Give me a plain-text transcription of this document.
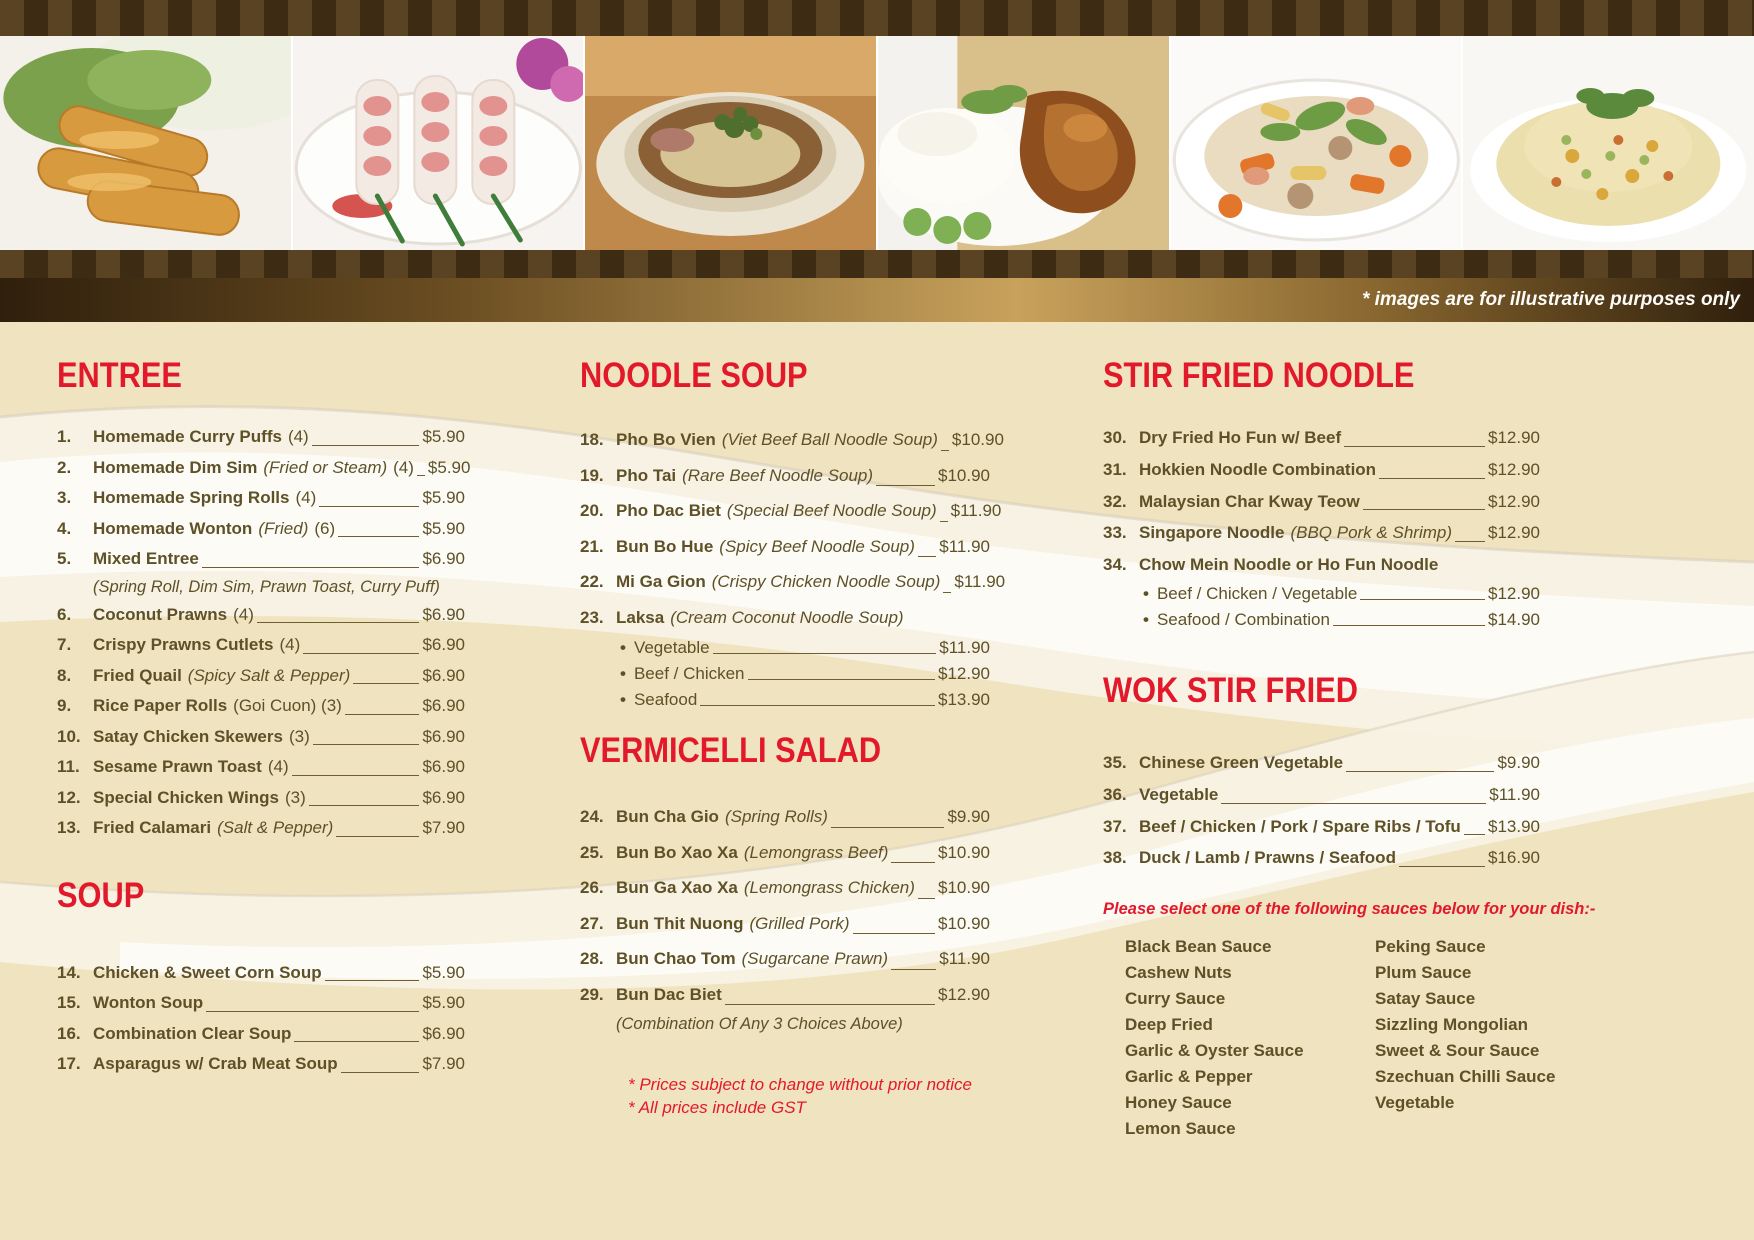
* images are for illustrative purposes only
ENTREE
1.	Homemade Curry Puffs (4)	$5.90
2.	Homemade Dim Sim (Fried or Steam) (4) $5.90
3.	Homemade Spring Rolls (4)	$5.90
4.	Homemade Wonton (Fried) (6)	$5.90
5.	Mixed Entree	$6.90
(Spring Roll, Dim Sim, Prawn Toast, Curry Puff)
6.	Coconut Prawns (4)	$6.90
7.	Crispy Prawns Cutlets (4)	$6.90
8.	Fried Quail (Spicy Salt & Pepper)	$6.90
9.	Rice Paper Rolls (Goi Cuon) (3)	$6.90
10. Satay Chicken Skewers (3)	$6.90
11. Sesame Prawn Toast (4)	$6.90
12. Special Chicken Wings (3)	$6.90
13. Fried Calamari (Salt & Pepper)	$7.90
SOUP
14. Chicken & Sweet Corn Soup	$5.90
15. Wonton Soup	$5.90
16. Combination Clear Soup	$6.90
17. Asparagus w/ Crab Meat Soup	$7.90
NOODLE SOUP
18. Pho Bo Vien (Viet Beef Ball Noodle Soup) $10.90
19. Pho Tai (Rare Beef Noodle Soup)	$10.90
20. Pho Dac Biet (Special Beef Noodle Soup) $11.90
21. Bun Bo Hue (Spicy Beef Noodle Soup) $11.90
22. Mi Ga Gion (Crispy Chicken Noodle Soup) $11.90
23. Laksa (Cream Coconut Noodle Soup)
• Vegetable	$11.90
• Beef / Chicken	$12.90
• Seafood	$13.90
VERMICELLI SALAD
24. Bun Cha Gio (Spring Rolls)	$9.90
25. Bun Bo Xao Xa (Lemongrass Beef)	$10.90
26. Bun Ga Xao Xa (Lemongrass Chicken) $10.90
27. Bun Thit Nuong (Grilled Pork)	$10.90
28. Bun Chao Tom (Sugarcane Prawn)	$11.90
29. Bun Dac Biet	$12.90
(Combination Of Any 3 Choices Above)
* Prices subject to change without prior notice
* All prices include GST
STIR FRIED NOODLE
30. Dry Fried Ho Fun w/ Beef	$12.90
31. Hokkien Noodle Combination	$12.90
32. Malaysian Char Kway Teow	$12.90
33. Singapore Noodle (BBQ Pork & Shrimp) $12.90
34. Chow Mein Noodle or Ho Fun Noodle
• Beef / Chicken / Vegetable	$12.90
• Seafood / Combination	$14.90
WOK STIR FRIED
35. Chinese Green Vegetable	$9.90
36. Vegetable	$11.90
37. Beef / Chicken / Pork / Spare Ribs / Tofu $13.90
38. Duck / Lamb / Prawns / Seafood	$16.90
Please select one of the following sauces below for your dish:-
Black Bean Sauce
Cashew Nuts
Curry Sauce
Deep Fried
Garlic & Oyster Sauce
Garlic & Pepper
Honey Sauce
Lemon Sauce
Peking Sauce
Plum Sauce
Satay Sauce
Sizzling Mongolian
Sweet & Sour Sauce
Szechuan Chilli Sauce
Vegetable
